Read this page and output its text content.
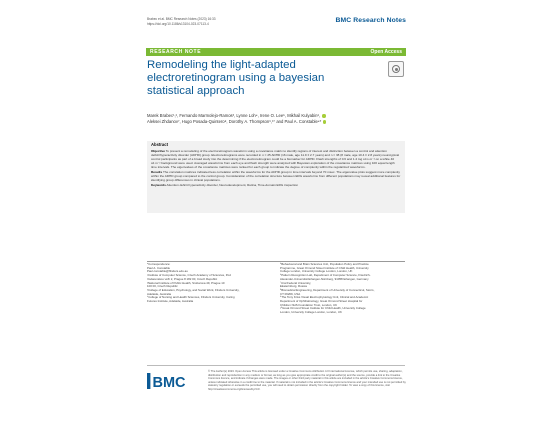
Brabec et al. BMC Research Notes (2023) 16:33
https://doi.org/10.1186/s13104-023-07113-4	BMC Research Notes
RESEARCH NOTE	Open Access
Remodeling the light-adapted electroretinogram using a bayesian statistical approach
Marek Brabec¹,², Fernando Marmolejo-Ramos³, Lynne Loh⁴, Irene O. Lee⁵, Mikhail Kulyabin⁶,
Aleksei Zhdanov⁷, Hugo Posada-Quintero⁸, Dorothy A. Thompson⁹,¹⁰ and Paul A. Constable⁴*
Abstract

Objective To present a remodeling of the electroretinogram waveform using a covariance matrix to identify regions of interest and distinction between a control and attention deficit/hyperactivity disorder (ADHD) group. Electroretinograms were recorded in n = 25 ADHD (16 male, age 11.9 ± 2.7 years) and n = 38 (8 male, age 10.4 ± 2.8 years) neurotypical control participants as part of a broad study into the determining if the electroretinogram could be a biomarker for ADHD. Flash strengths of 0.6 and 1.2 log cd.s.m⁻² on a white 40 cd.m⁻² background were used. Averaged waveforms from each eye and flash strength were analyzed with Bayesian exploration of the covariance matrices using 100 equal length time intervals. The eigenvalues of the covariance matrices were ranked for each group to indicate the degree of complexity within the regularized waveforms.

Results The correlation matrices indicated less correlation within the waveforms for the ADHD group in time intervals beyond 70 msec. The eigenvalue plots suggest more complexity within the ADHD group compared to the control group. Consideration of the correlation structure between ERG waveforms from different populations may reveal additional features for identifying group differences in clinical populations.

Keywords Attention deficit hyperactivity disorder, Neurodevelopment, Retina, Time-domain ERG inspection

*Correspondence:
Paul A. Constable
Paul.constable@flinders.edu.au
¹Institute of Computer Science, Czech Academy of Sciences, Pod
Vodarenskou věží 2, Prague 8 182 00, Czech Republic
²National Institute of Public Health, Srobarova 49, Prague 10
100 00, Czech Republic
³College of Education, Psychology, and Social Work, Flinders University,
Adelaide, Australia
⁴College of Nursing and Health Sciences, Flinders University, Caring
Futures Institute, Adelaide, Australia
⁵Behavioural and Brain Sciences Unit, Population Policy and Practice
Programme, Great Ormond Street Institute of Child Health, University
College London, University College London, London, UK
⁶Pattern Recognition Lab, Department of Computer Science, Friedrich-
Alexander-Universität Erlangen-Nürnberg, 91058 Erlangen, Germany
⁷Ural Federal University,
Ekaterinburg, Russia
⁸Biomedical Engineering, Department of University of Connecticut, Storrs,
CT 06269, USA
⁹The Tony Kriss Visual Electrophysiology Unit, Clinical and Academic
Department of Ophthalmology, Great Ormond Street Hospital for
Children NHS Foundation Trust, London, UK
¹⁰Great Ormond Street Institute for Child Health, University College
London, University College London, London, UK
BMC
© The Author(s) 2023. Open Access This article is licensed under a Creative Commons Attribution 4.0 International License, which permits use, sharing, adaptation, distribution and reproduction in any medium or format, as long as you give appropriate credit to the original author(s) and the source, provide a link to the Creative Commons licence, and indicate if changes were made. The images or other third party material in this article are included in the article's Creative Commons licence, unless indicated otherwise in a credit line to the material. If material is not included in the article's Creative Commons licence and your intended use is not permitted by statutory regulation or exceeds the permitted use, you will need to obtain permission directly from the copyright holder. To view a copy of this licence, visit http://creativecommons.org/licenses/by/4.0/.
